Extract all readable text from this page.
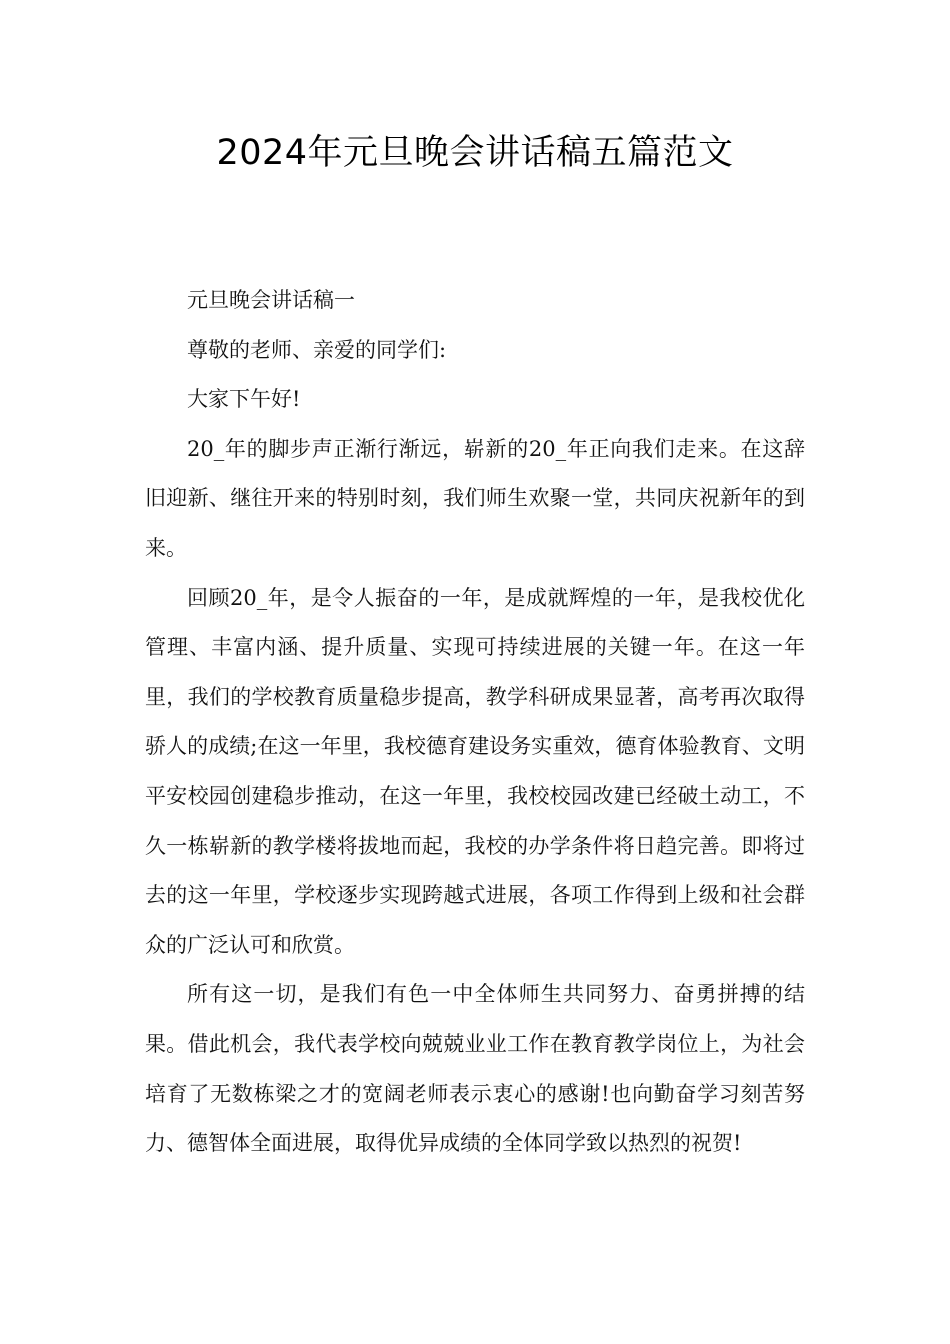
2024年元旦晚会讲话稿五篇范文

元旦晚会讲话稿一

尊敬的老师、亲爱的同学们:

大家下午好!

20_年的脚步声正渐行渐远，崭新的20_年正向我们走来。在这辞旧迎新、继往开来的特别时刻，我们师生欢聚一堂，共同庆祝新年的到来。

回顾20_年，是令人振奋的一年，是成就辉煌的一年，是我校优化管理、丰富内涵、提升质量、实现可持续进展的关键一年。在这一年里，我们的学校教育质量稳步提高，教学科研成果显著，高考再次取得骄人的成绩;在这一年里，我校德育建设务实重效，德育体验教育、文明平安校园创建稳步推动，在这一年里，我校校园改建已经破土动工，不久一栋崭新的教学楼将拔地而起，我校的办学条件将日趋完善。即将过去的这一年里，学校逐步实现跨越式进展，各项工作得到上级和社会群众的广泛认可和欣赏。

所有这一切，是我们有色一中全体师生共同努力、奋勇拼搏的结果。借此机会，我代表学校向兢兢业业工作在教育教学岗位上，为社会培育了无数栋梁之才的宽阔老师表示衷心的感谢!也向勤奋学习刻苦努力、德智体全面进展，取得优异成绩的全体同学致以热烈的祝贺!
